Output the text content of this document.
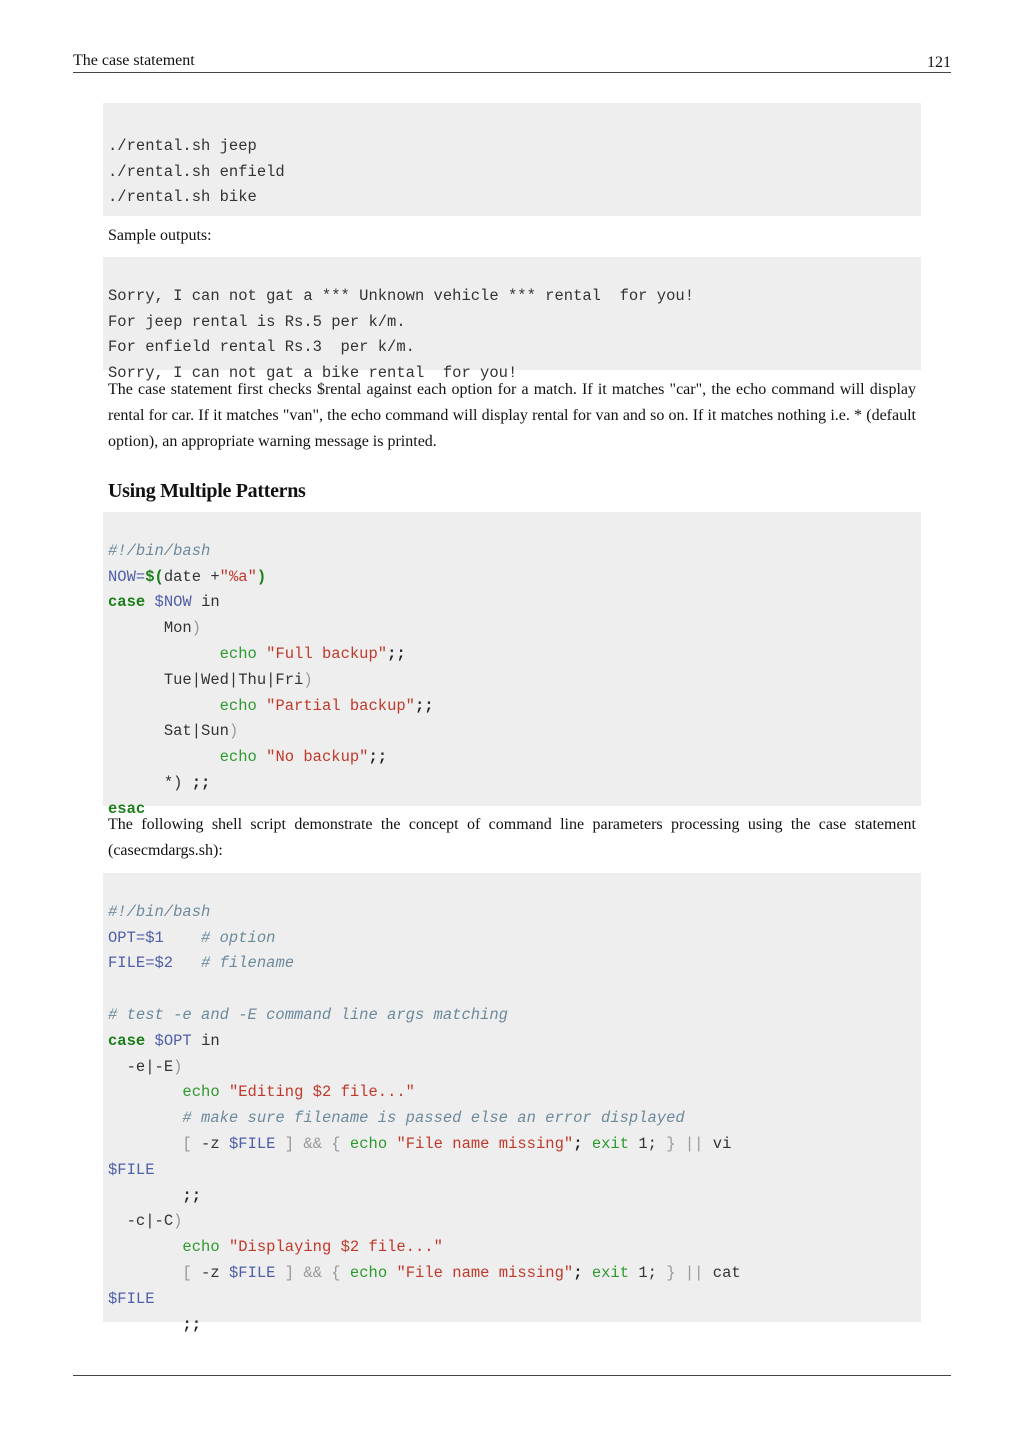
The case statement	121

./rental.sh jeep
./rental.sh enfield
./rental.sh bike

Sample outputs:

Sorry, I can not gat a *** Unknown vehicle *** rental  for you!
For jeep rental is Rs.5 per k/m.
For enfield rental Rs.3  per k/m.
Sorry, I can not gat a bike rental  for you!

The case statement first checks $rental against each option for a match. If it matches "car", the echo command will display rental for car. If it matches "van", the echo command will display rental for van and so on. If it matches nothing i.e. * (default option), an appropriate warning message is printed.

Using Multiple Patterns

#!/bin/bash
NOW=$(date +"%a")
case $NOW in
Mon)
echo "Full backup";;
Tue|Wed|Thu|Fri)
echo "Partial backup";;
Sat|Sun)
echo "No backup";;
*) ;;
esac

The following shell script demonstrate the concept of command line parameters processing using the case statement (casecmdargs.sh):

#!/bin/bash
OPT=$1 # option
FILE=$2 # filename

# test -e and -E command line args matching
case $OPT in
-e|-E)
echo "Editing $2 file..."
# make sure filename is passed else an error displayed
[ -z $FILE ] && { echo "File name missing"; exit 1; } || vi
$FILE
;;
-c|-C)
echo "Displaying $2 file..."
[ -z $FILE ] && { echo "File name missing"; exit 1; } || cat
$FILE
;;
